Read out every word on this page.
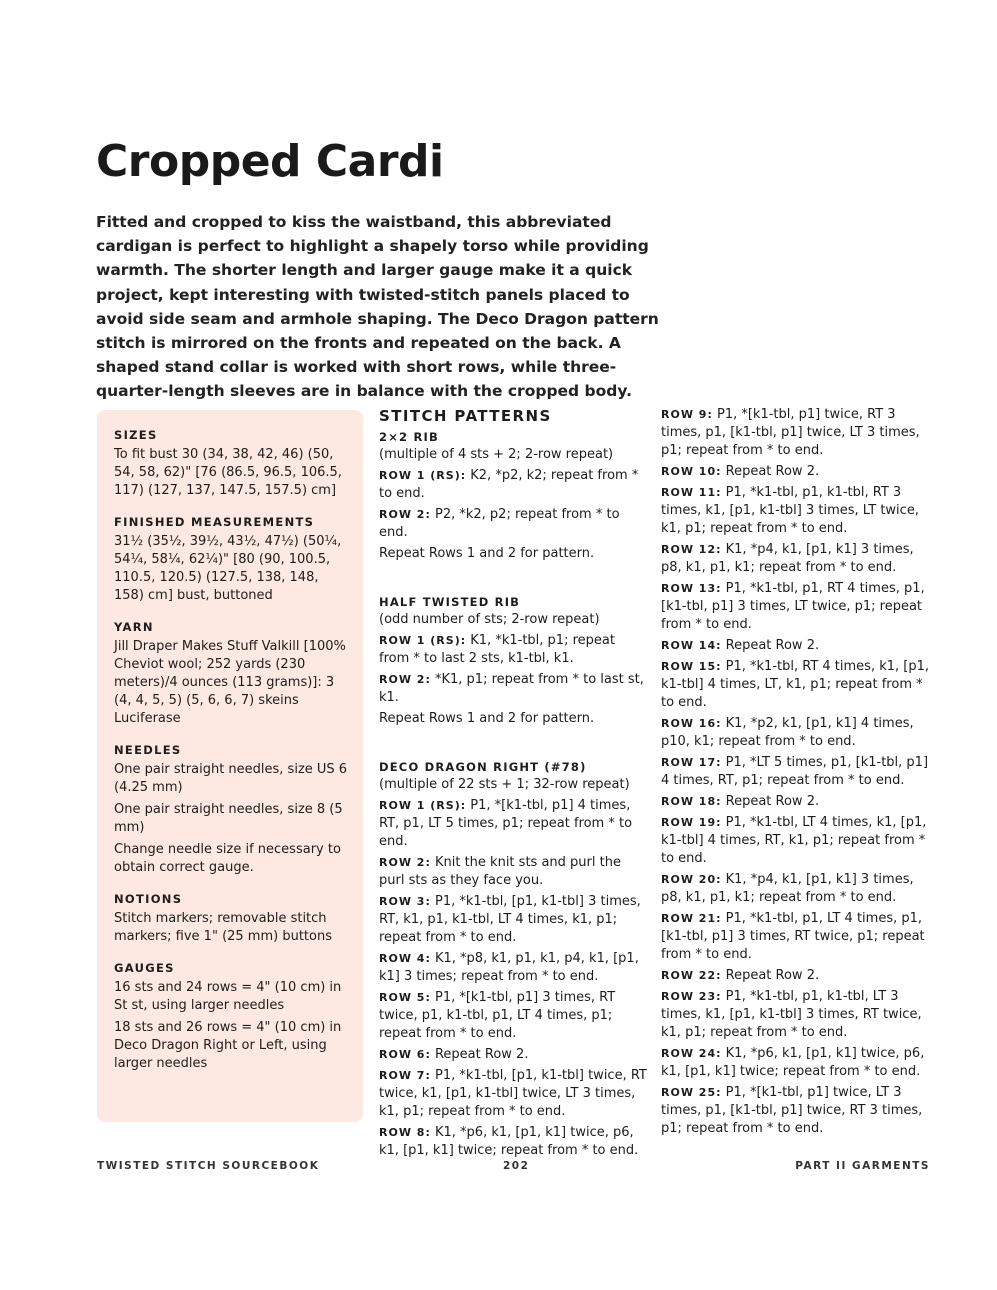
Cropped Cardi

Fitted and cropped to kiss the waistband, this abbreviated cardigan is perfect to highlight a shapely torso while providing warmth. The shorter length and larger gauge make it a quick project, kept interesting with twisted-stitch panels placed to avoid side seam and armhole shaping. The Deco Dragon pattern stitch is mirrored on the fronts and repeated on the back. A shaped stand collar is worked with short rows, while three-quarter-length sleeves are in balance with the cropped body.

SIZES

To fit bust 30 (34, 38, 42, 46) (50, 54, 58, 62)" [76 (86.5, 96.5, 106.5, 117) (127, 137, 147.5, 157.5) cm]

FINISHED MEASUREMENTS

31½ (35½, 39½, 43½, 47½) (50¼, 54¼, 58¼, 62¼)" [80 (90, 100.5, 110.5, 120.5) (127.5, 138, 148, 158) cm] bust, buttoned

YARN

Jill Draper Makes Stuff Valkill [100% Cheviot wool; 252 yards (230 meters)/4 ounces (113 grams)]: 3 (4, 4, 5, 5) (5, 6, 6, 7) skeins Luciferase

NEEDLES

One pair straight needles, size US 6 (4.25 mm)

One pair straight needles, size 8 (5 mm)

Change needle size if necessary to obtain correct gauge.

NOTIONS

Stitch markers; removable stitch markers; five 1" (25 mm) buttons

GAUGES

16 sts and 24 rows = 4" (10 cm) in St st, using larger needles

18 sts and 26 rows = 4" (10 cm) in Deco Dragon Right or Left, using larger needles

STITCH PATTERNS
2×2 RIB

(multiple of 4 sts + 2; 2-row repeat)

ROW 1 (RS): K2, *p2, k2; repeat from * to end.

ROW 2: P2, *k2, p2; repeat from * to end.

Repeat Rows 1 and 2 for pattern.

HALF TWISTED RIB

(odd number of sts; 2-row repeat)

ROW 1 (RS): K1, *k1-tbl, p1; repeat from * to last 2 sts, k1-tbl, k1.

ROW 2: *K1, p1; repeat from * to last st, k1.

Repeat Rows 1 and 2 for pattern.

DECO DRAGON RIGHT (#78)

(multiple of 22 sts + 1; 32-row repeat)

ROW 1 (RS): P1, *[k1-tbl, p1] 4 times, RT, p1, LT 5 times, p1; repeat from * to end.

ROW 2: Knit the knit sts and purl the purl sts as they face you.

ROW 3: P1, *k1-tbl, [p1, k1-tbl] 3 times, RT, k1, p1, k1-tbl, LT 4 times, k1, p1; repeat from * to end.

ROW 4: K1, *p8, k1, p1, k1, p4, k1, [p1, k1] 3 times; repeat from * to end.

ROW 5: P1, *[k1-tbl, p1] 3 times, RT twice, p1, k1-tbl, p1, LT 4 times, p1; repeat from * to end.

ROW 6: Repeat Row 2.

ROW 7: P1, *k1-tbl, [p1, k1-tbl] twice, RT twice, k1, [p1, k1-tbl] twice, LT 3 times, k1, p1; repeat from * to end.

ROW 8: K1, *p6, k1, [p1, k1] twice, p6, k1, [p1, k1] twice; repeat from * to end.

ROW 9: P1, *[k1-tbl, p1] twice, RT 3 times, p1, [k1-tbl, p1] twice, LT 3 times, p1; repeat from * to end.

ROW 10: Repeat Row 2.

ROW 11: P1, *k1-tbl, p1, k1-tbl, RT 3 times, k1, [p1, k1-tbl] 3 times, LT twice, k1, p1; repeat from * to end.

ROW 12: K1, *p4, k1, [p1, k1] 3 times, p8, k1, p1, k1; repeat from * to end.

ROW 13: P1, *k1-tbl, p1, RT 4 times, p1, [k1-tbl, p1] 3 times, LT twice, p1; repeat from * to end.

ROW 14: Repeat Row 2.

ROW 15: P1, *k1-tbl, RT 4 times, k1, [p1, k1-tbl] 4 times, LT, k1, p1; repeat from * to end.

ROW 16: K1, *p2, k1, [p1, k1] 4 times, p10, k1; repeat from * to end.

ROW 17: P1, *LT 5 times, p1, [k1-tbl, p1] 4 times, RT, p1; repeat from * to end.

ROW 18: Repeat Row 2.

ROW 19: P1, *k1-tbl, LT 4 times, k1, [p1, k1-tbl] 4 times, RT, k1, p1; repeat from * to end.

ROW 20: K1, *p4, k1, [p1, k1] 3 times, p8, k1, p1, k1; repeat from * to end.

ROW 21: P1, *k1-tbl, p1, LT 4 times, p1, [k1-tbl, p1] 3 times, RT twice, p1; repeat from * to end.

ROW 22: Repeat Row 2.

ROW 23: P1, *k1-tbl, p1, k1-tbl, LT 3 times, k1, [p1, k1-tbl] 3 times, RT twice, k1, p1; repeat from * to end.

ROW 24: K1, *p6, k1, [p1, k1] twice, p6, k1, [p1, k1] twice; repeat from * to end.

ROW 25: P1, *[k1-tbl, p1] twice, LT 3 times, p1, [k1-tbl, p1] twice, RT 3 times, p1; repeat from * to end.

TWISTED STITCH SOURCEBOOK	202	PART II GARMENTS
